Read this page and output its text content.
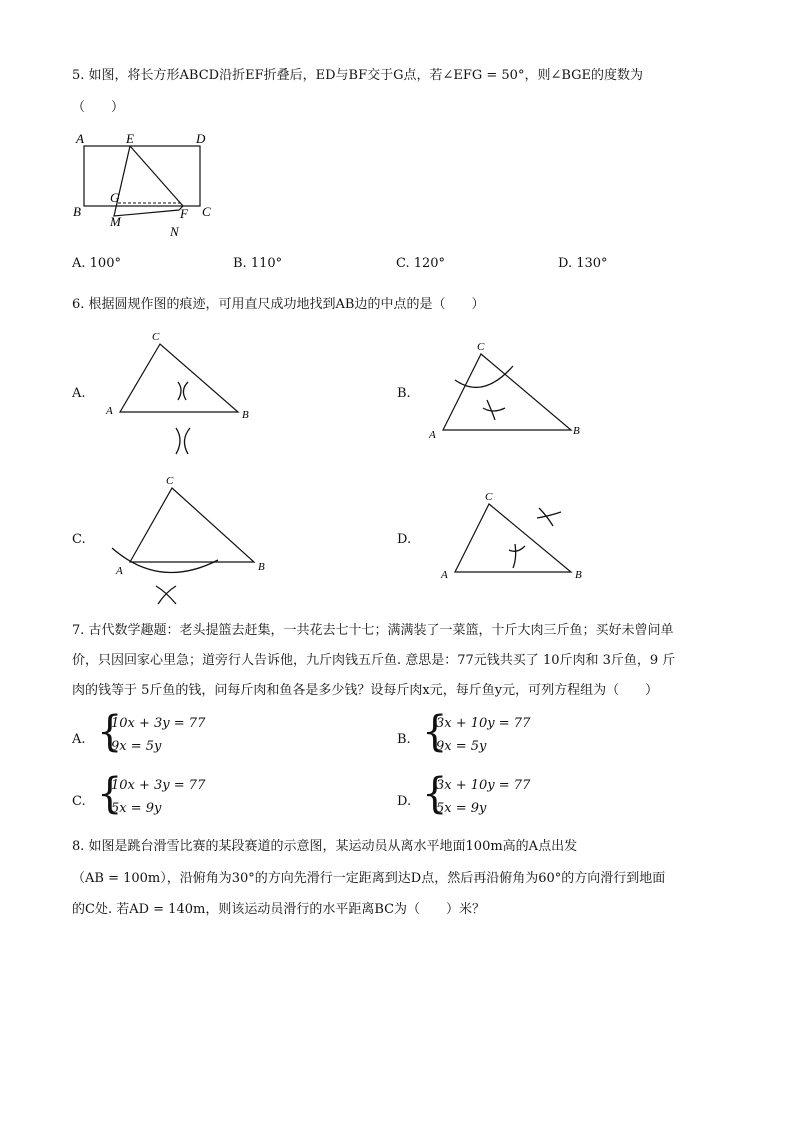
5. 如图，将长方形ABCD沿折EF折叠后，ED与BF交于G点，若∠EFG = 50°，则∠BGE的度数为
（　　）
A	E	D
B
G
M
F C
N
A. 100°	B. 110°	C. 120°	D. 130°
6. 根据圆规作图的痕迹，可用直尺成功地找到AB边的中点的是（　　）
A.
C
A	B
B.
C
A	B
C.
C
A	B
D.
C
A	B
7. 古代数学趣题：老头提篮去赶集，一共花去七十七；满满装了一菜篮，十斤大肉三斤鱼；买好未曾问单
价，只因回家心里急；道旁行人告诉他，九斤肉钱五斤鱼. 意思是：77元钱共买了 10斤肉和 3斤鱼，9 斤
肉的钱等于 5斤鱼的钱，问每斤肉和鱼各是多少钱？设每斤肉x元，每斤鱼y元，可列方程组为（　　）
A. {
10x + 3y = 77
9x = 5y	B. {
3x + 10y = 77
9x = 5y
C. {
10x + 3y = 77
5x = 9y	D. {
3x + 10y = 77
5x = 9y
8. 如图是跳台滑雪比赛的某段赛道的示意图，某运动员从离水平地面100m高的A点出发
（AB = 100m），沿俯角为30°的方向先滑行一定距离到达D点，然后再沿俯角为60°的方向滑行到地面
的C处. 若AD = 140m，则该运动员滑行的水平距离BC为（　　）米？
